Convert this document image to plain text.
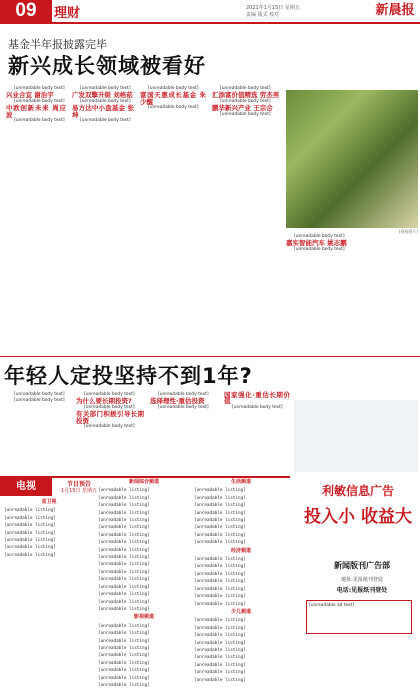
09	理财	2021年1月15日 星期五
责编 版式 校对	新晨报
基金半年报披露完毕
新兴成长领域被看好
(资料图片)

[unreadable body text]

兴业合宜 谢治宇

[unreadable body text]

中欧创新未来 周应波

[unreadable body text]

[unreadable body text]

广发双擎升级 刘格菘

[unreadable body text]

易方达中小盘基金 张坤

[unreadable body text]

[unreadable body text]

富国天惠成长基金 朱少醒

[unreadable body text]

[unreadable body text]

汇添富价值精选 劳杰男

[unreadable body text]

鹏华新兴产业 王宗合

[unreadable body text]

[unreadable body text]

嘉实智能汽车 姚志鹏

[unreadable body text]

年轻人定投坚持不到1年?

[unreadable body text]

[unreadable body text]

[unreadable body text]

为什么要长期投资?

[unreadable body text]

有关部门积极引导长期投资

[unreadable body text]

[unreadable body text]

选择理性·重估投资

[unreadable body text]

国家强化·重估长期价值

[unreadable body text]

电视	节目预告
1月15日 星期五
省卫视
[unreadable listing]
[unreadable listing]
[unreadable listing]
[unreadable listing]
[unreadable listing]
[unreadable listing]
[unreadable listing]
新闻综合频道
[unreadable listing]
[unreadable listing]
[unreadable listing]
[unreadable listing]
[unreadable listing]
[unreadable listing]
[unreadable listing]
[unreadable listing]
[unreadable listing]
[unreadable listing]
[unreadable listing]
[unreadable listing]
[unreadable listing]
[unreadable listing]
[unreadable listing]
[unreadable listing]
[unreadable listing]
影视频道
[unreadable listing]
[unreadable listing]
[unreadable listing]
[unreadable listing]
[unreadable listing]
[unreadable listing]
[unreadable listing]
[unreadable listing]
[unreadable listing]
生活频道
[unreadable listing]
[unreadable listing]
[unreadable listing]
[unreadable listing]
[unreadable listing]
[unreadable listing]
[unreadable listing]
[unreadable listing]
经济频道
[unreadable listing]
[unreadable listing]
[unreadable listing]
[unreadable listing]
[unreadable listing]
[unreadable listing]
[unreadable listing]
少儿频道
[unreadable listing]
[unreadable listing]
[unreadable listing]
[unreadable listing]
[unreadable listing]
[unreadable listing]
[unreadable listing]
[unreadable listing]
[unreadable listing]
利敏信息广告
投入小 收益大
新闻版刊广告部
地址:见报纸刊登处
电话:见报纸刊登处
[unreadable ad text]
